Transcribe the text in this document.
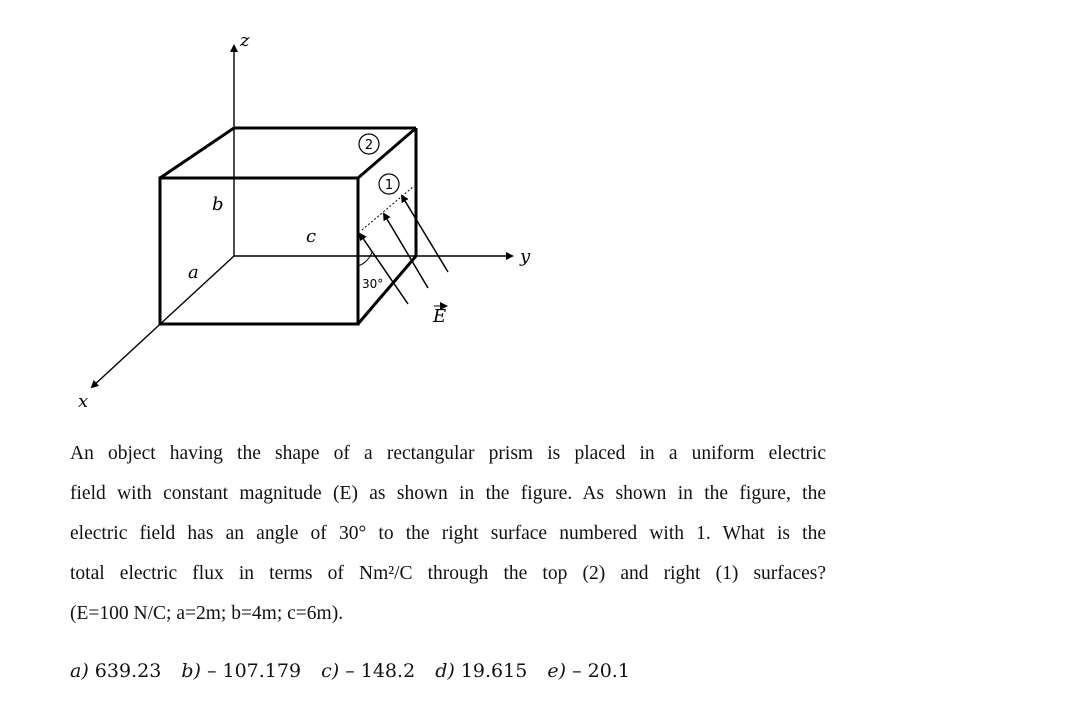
2
1
z
y
x
b
c
a
30°
E

An object having the shape of a rectangular prism is placed in a uniform electric
field with constant magnitude (E) as shown in the figure. As shown in the figure, the
electric field has an angle of 30° to the right surface numbered with 1. What is the
total electric flux in terms of Nm²/C through the top (2) and right (1) surfaces?
(E=100 N/C; a=2m; b=4m; c=6m).

a) 639.23 b) – 107.179 c) – 148.2 d) 19.615 e) – 20.1
